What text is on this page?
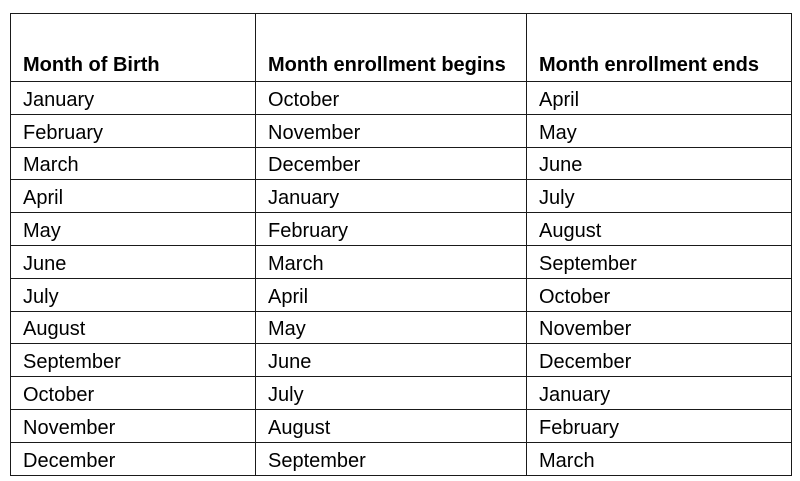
Month of Birth	Month enrollment begins	Month enrollment ends
January	October	April
February	November	May
March	December	June
April	January	July
May	February	August
June	March	September
July	April	October
August	May	November
September	June	December
October	July	January
November	August	February
December	September	March
